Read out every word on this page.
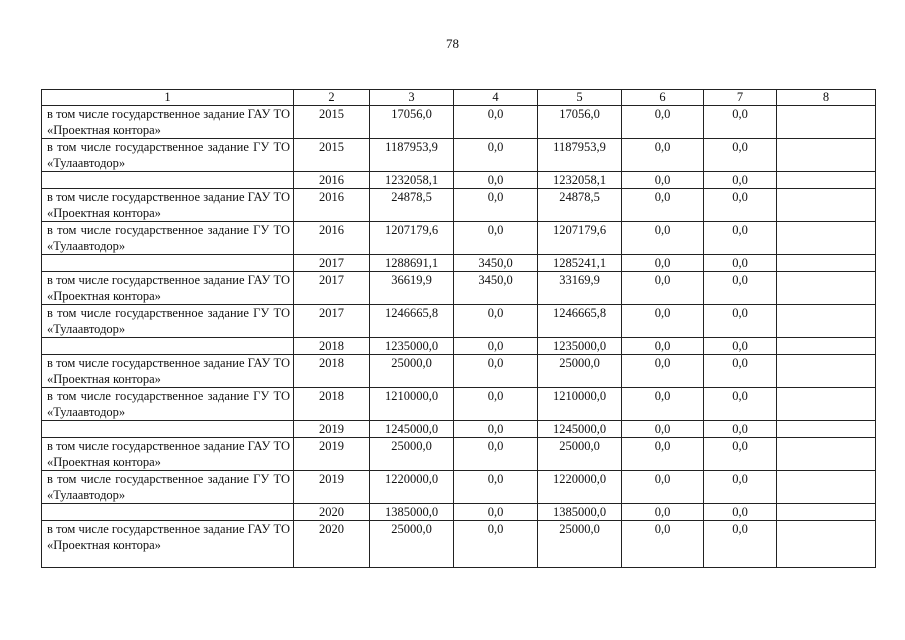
78
1	2	3	4	5	6	7	8
в том числе государственное задание ГАУ ТО «Проектная контора»	2015	17056,0	0,0	17056,0	0,0	0,0	
в том числе государственное задание ГУ ТО «Тулаавтодор»	2015	1187953,9	0,0	1187953,9	0,0	0,0	
	2016	1232058,1	0,0	1232058,1	0,0	0,0	
в том числе государственное задание ГАУ ТО «Проектная контора»	2016	24878,5	0,0	24878,5	0,0	0,0	
в том числе государственное задание ГУ ТО «Тулаавтодор»	2016	1207179,6	0,0	1207179,6	0,0	0,0	
	2017	1288691,1	3450,0	1285241,1	0,0	0,0	
в том числе государственное задание ГАУ ТО «Проектная контора»	2017	36619,9	3450,0	33169,9	0,0	0,0	
в том числе государственное задание ГУ ТО «Тулаавтодор»	2017	1246665,8	0,0	1246665,8	0,0	0,0	
	2018	1235000,0	0,0	1235000,0	0,0	0,0	
в том числе государственное задание ГАУ ТО «Проектная контора»	2018	25000,0	0,0	25000,0	0,0	0,0	
в том числе государственное задание ГУ ТО «Тулаавтодор»	2018	1210000,0	0,0	1210000,0	0,0	0,0	
	2019	1245000,0	0,0	1245000,0	0,0	0,0	
в том числе государственное задание ГАУ ТО «Проектная контора»	2019	25000,0	0,0	25000,0	0,0	0,0	
в том числе государственное задание ГУ ТО «Тулаавтодор»	2019	1220000,0	0,0	1220000,0	0,0	0,0	
	2020	1385000,0	0,0	1385000,0	0,0	0,0	
в том числе государственное задание ГАУ ТО «Проектная контора»	2020	25000,0	0,0	25000,0	0,0	0,0	
